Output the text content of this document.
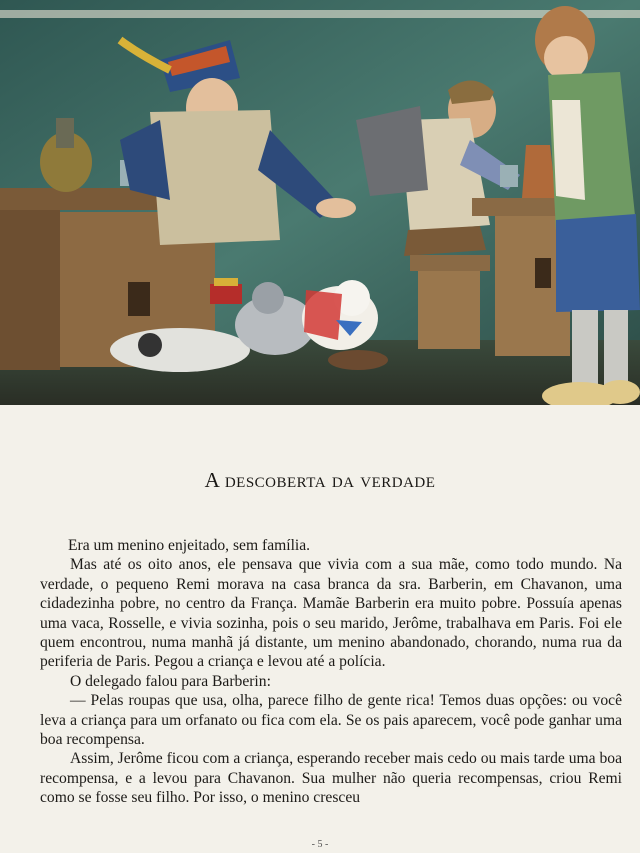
A descoberta da verdade

Era um menino enjeitado, sem família.

Mas até os oito anos, ele pensava que vivia com a sua mãe, como todo mundo. Na verdade, o pequeno Remi morava na casa branca da sra. Barberin, em Chavanon, uma cidadezinha pobre, no centro da França. Mamãe Barberin era muito pobre. Possuía apenas uma vaca, Rosselle, e vivia sozinha, pois o seu marido, Jerôme, trabalhava em Paris. Foi ele quem encontrou, numa manhã já distante, um menino abandonado, chorando, numa rua da periferia de Paris. Pegou a criança e levou até a polícia.

O delegado falou para Barberin:

— Pelas roupas que usa, olha, parece filho de gente rica! Temos duas opções: ou você leva a criança para um orfanato ou fica com ela. Se os pais aparecem, você pode ganhar uma boa recompensa.

Assim, Jerôme ficou com a criança, esperando receber mais cedo ou mais tarde uma boa recompensa, e a levou para Chavanon. Sua mulher não queria recompensas, criou Remi como se fosse seu filho. Por isso, o menino cresceu

- 5 -
